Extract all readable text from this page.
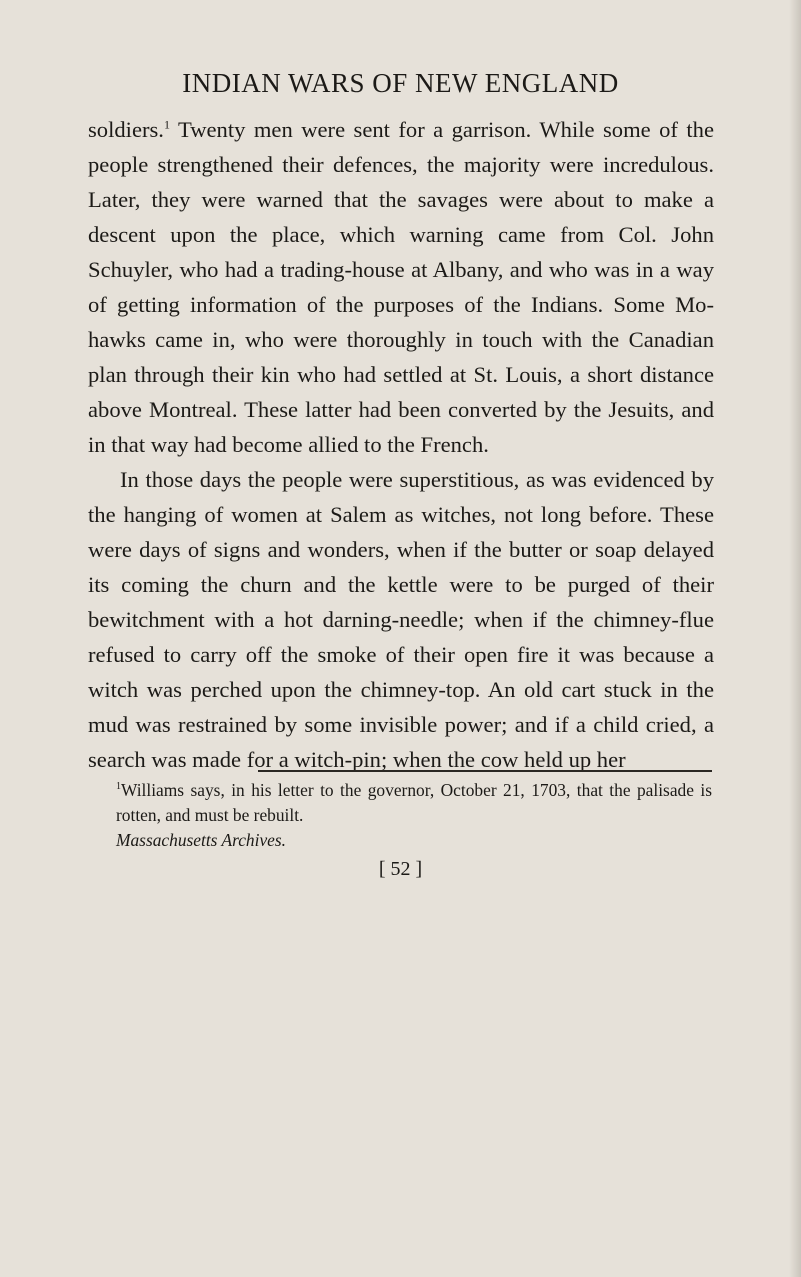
INDIAN WARS OF NEW ENGLAND

soldiers.$^1$ Twenty men were sent for a garrison. While some of the people strengthened their defences, the majority were incredulous. Later, they were warned that the savages were about to make a descent upon the place, which warning came from Col. John Schuyler, who had a trading-house at Albany, and who was in a way of getting information of the purposes of the Indians. Some Mohawks came in, who were thoroughly in touch with the Canadian plan through their kin who had settled at St. Louis, a short distance above Montreal. These latter had been converted by the Jesuits, and in that way had become allied to the French.

In those days the people were superstitious, as was evidenced by the hanging of women at Salem as witches, not long before. These were days of signs and wonders, when if the butter or soap delayed its coming the churn and the kettle were to be purged of their bewitchment with a hot darning-needle; when if the chimney-flue refused to carry off the smoke of their open fire it was because a witch was perched upon the chimney-top. An old cart stuck in the mud was restrained by some invisible power; and if a child cried, a search was made for a witch-pin; when the cow held up her

$^1$Williams says, in his letter to the governor, October 21, 1703, that the palisade is rotten, and must be rebuilt.
Massachusetts Archives.

[ 52 ]
